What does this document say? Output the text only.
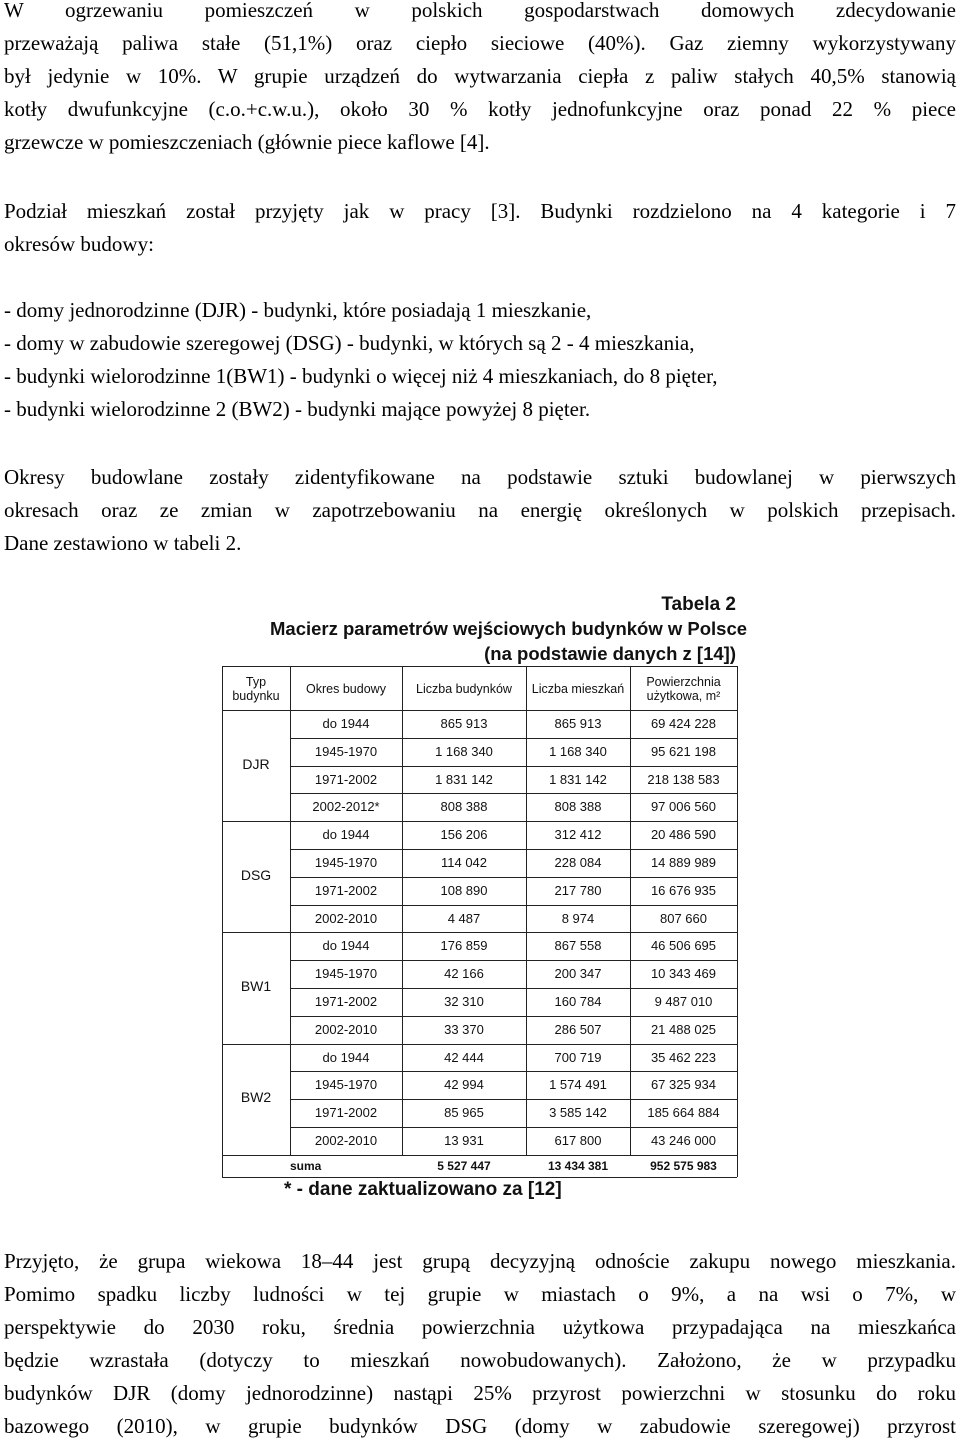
W ogrzewaniu pomieszczeń w polskich gospodarstwach domowych zdecydowanie
przeważają paliwa stałe (51,1%) oraz ciepło sieciowe (40%). Gaz ziemny wykorzystywany
był jedynie w 10%. W grupie urządzeń do wytwarzania ciepła z paliw stałych 40,5% stanowią
kotły dwufunkcyjne (c.o.+c.w.u.), około 30 % kotły jednofunkcyjne oraz ponad 22 % piece
grzewcze w pomieszczeniach (głównie piece kaflowe [4].
Podział mieszkań został przyjęty jak w pracy [3]. Budynki rozdzielono na 4 kategorie i 7
okresów budowy:
- domy jednorodzinne (DJR) - budynki, które posiadają 1 mieszkanie,
- domy w zabudowie szeregowej (DSG) - budynki, w których są 2 - 4 mieszkania,
- budynki wielorodzinne 1(BW1) - budynki o więcej niż 4 mieszkaniach, do 8 pięter,
- budynki wielorodzinne 2 (BW2) - budynki mające powyżej 8 pięter.
Okresy budowlane zostały zidentyfikowane na podstawie sztuki budowlanej w pierwszych
okresach oraz ze zmian w zapotrzebowaniu na energię określonych w polskich przepisach.
Dane zestawiono w tabeli 2.
Tabela 2
Macierz parametrów wejściowych budynków w Polsce
(na podstawie danych z [14])
Typ budynku	Okres budowy	Liczba budynków	Liczba mieszkań	Powierzchnia użytkowa, m²
DJR
do 1944	865 913	865 913	69 424 228
1945-1970	1 168 340	1 168 340	95 621 198
1971-2002	1 831 142	1 831 142	218 138 583
2002-2012*	808 388	808 388	97 006 560
DSG
do 1944	156 206	312 412	20 486 590
1945-1970	114 042	228 084	14 889 989
1971-2002	108 890	217 780	16 676 935
2002-2010	4 487	8 974	807 660
BW1
do 1944	176 859	867 558	46 506 695
1945-1970	42 166	200 347	10 343 469
1971-2002	32 310	160 784	9 487 010
2002-2010	33 370	286 507	21 488 025
BW2
do 1944	42 444	700 719	35 462 223
1945-1970	42 994	1 574 491	67 325 934
1971-2002	85 965	3 585 142	185 664 884
2002-2010	13 931	617 800	43 246 000
suma	5 527 447	13 434 381	952 575 983
* - dane zaktualizowano za [12]
Przyjęto, że grupa wiekowa 18–44 jest grupą decyzyjną odnoście zakupu nowego mieszkania.
Pomimo spadku liczby ludności w tej grupie w miastach o 9%, a na wsi o 7%, w
perspektywie do 2030 roku, średnia powierzchnia użytkowa przypadająca na mieszkańca
będzie wzrastała (dotyczy to mieszkań nowobudowanych). Założono, że w przypadku
budynków DJR (domy jednorodzinne) nastąpi 25% przyrost powierzchni w stosunku do roku
bazowego (2010), w grupie budynków DSG (domy w zabudowie szeregowej) przyrost
